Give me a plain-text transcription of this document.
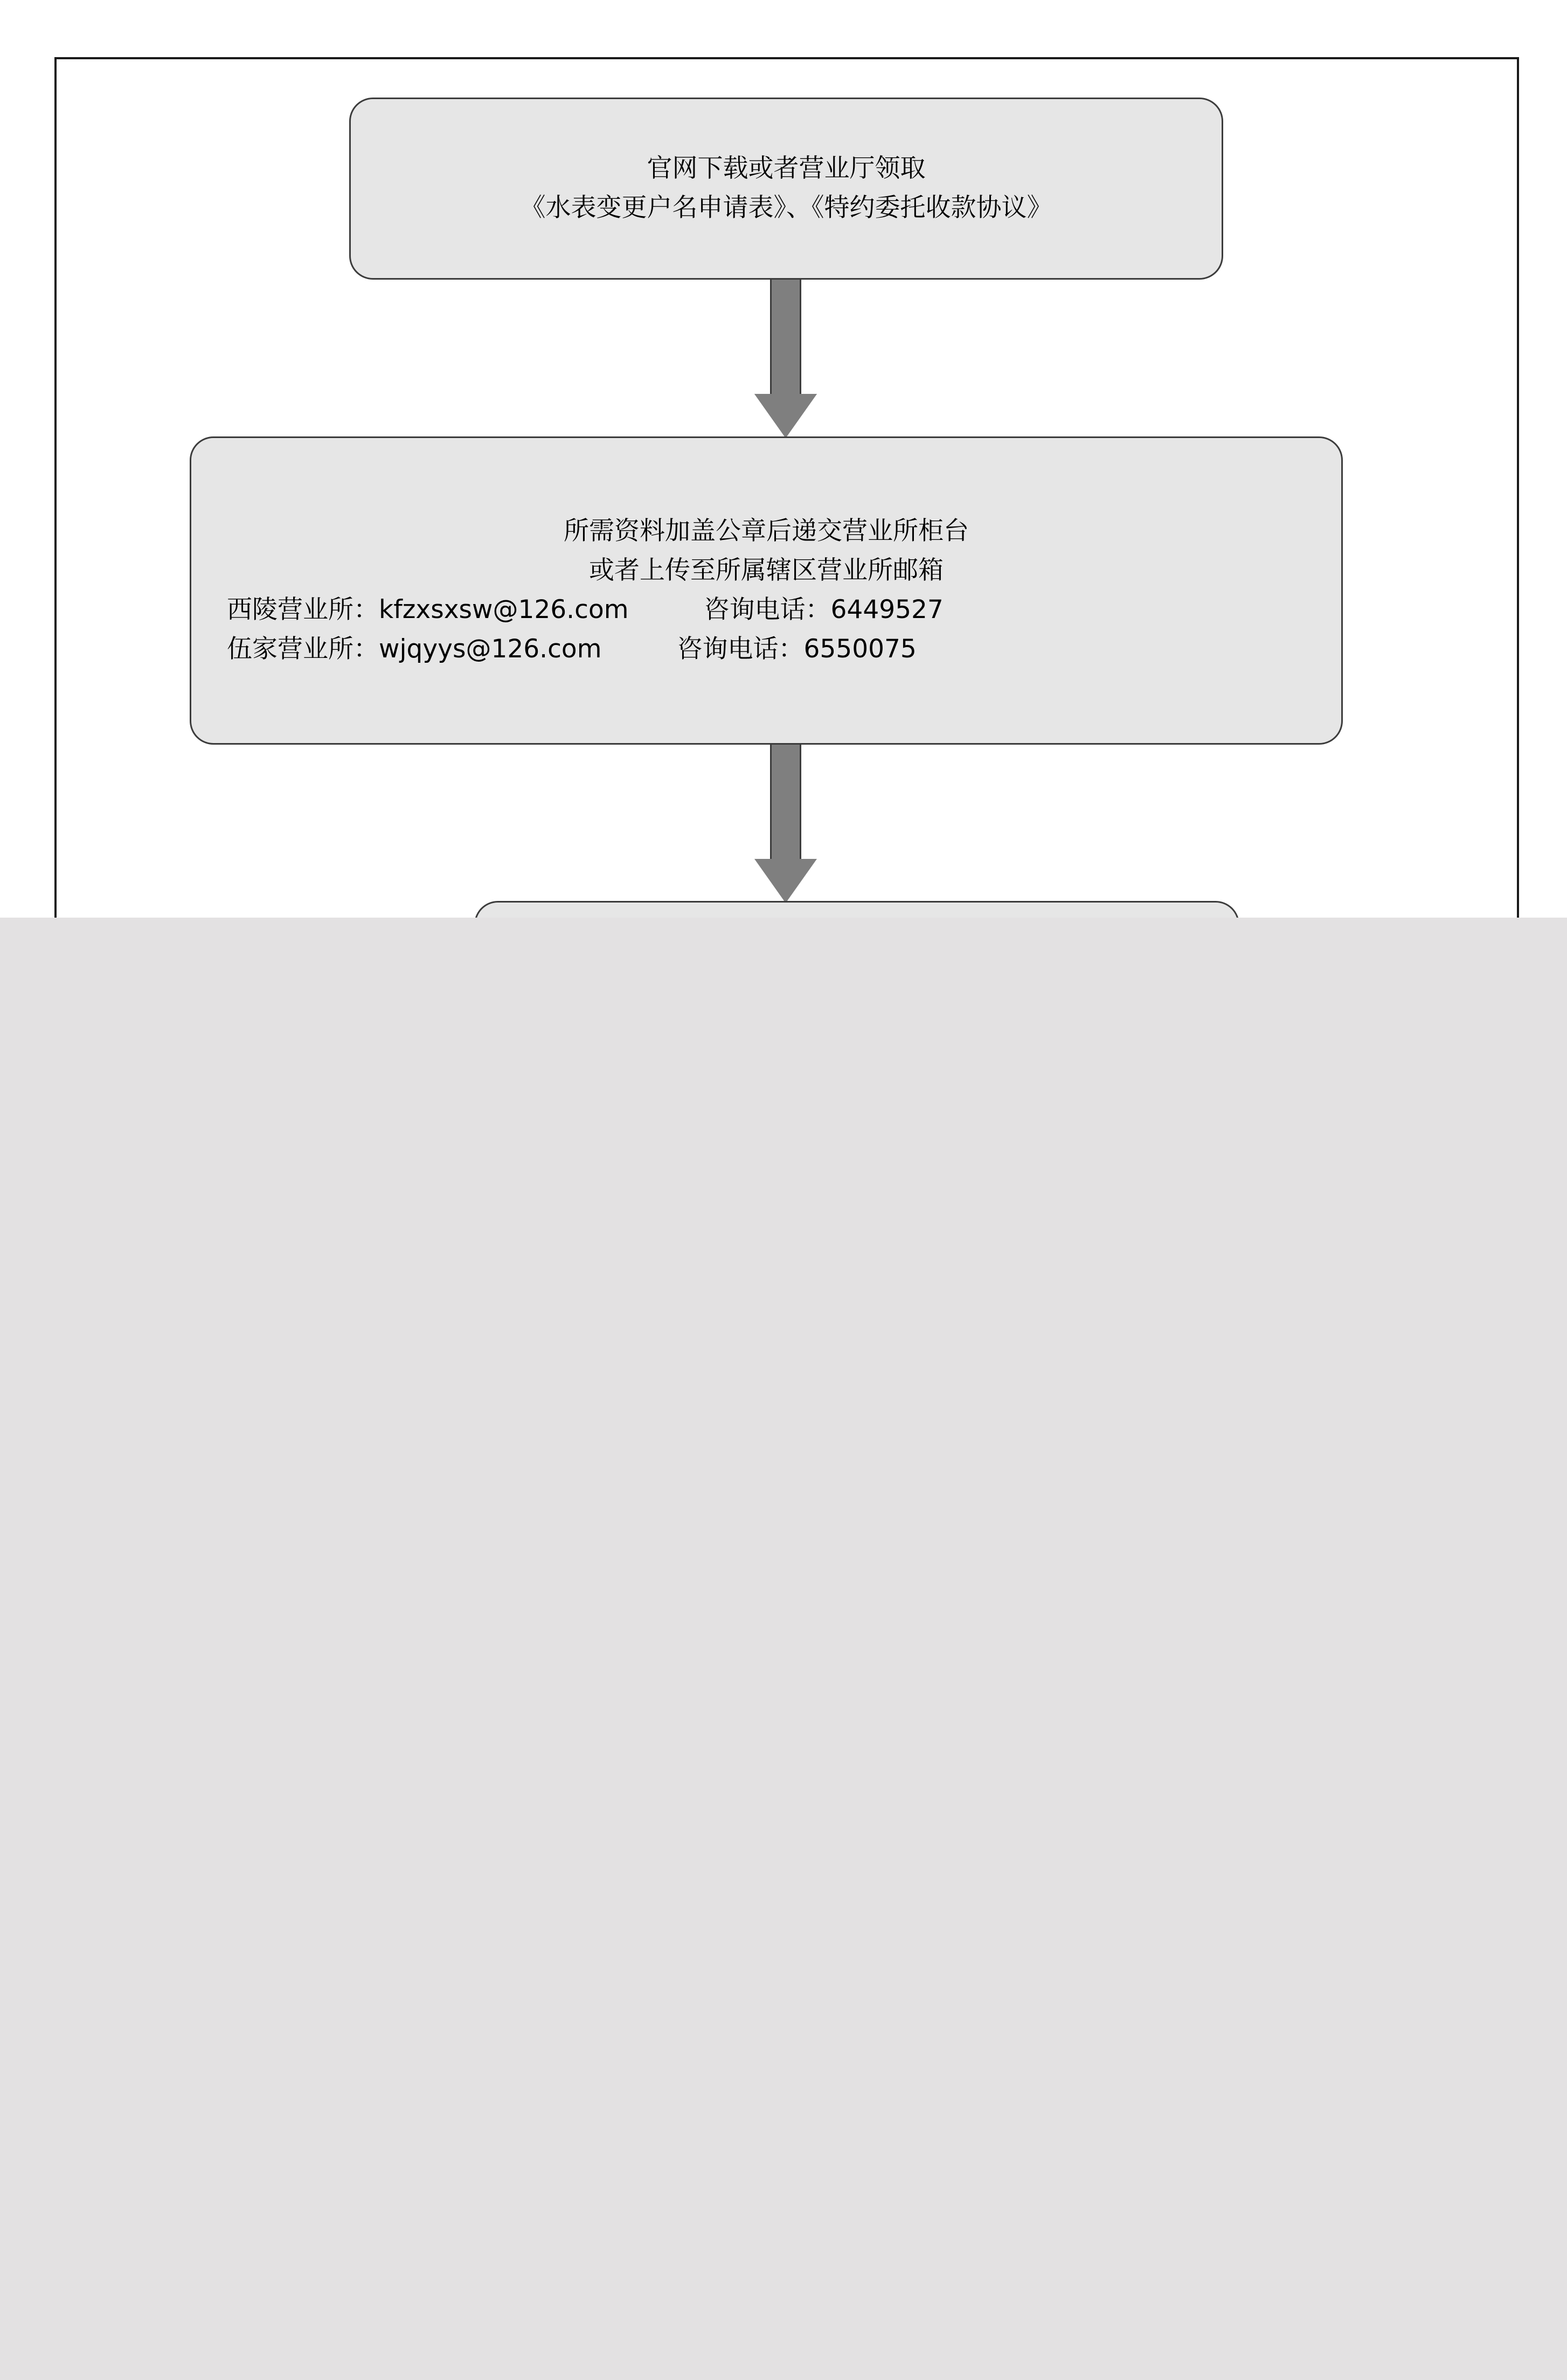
官网下载或者营业厅领取
《水表变更户名申请表》、《特约委托收款协议》
所需资料加盖公章后递交营业所柜台
或者上传至所属辖区营业所邮箱
西陵营业所： kfzxsxsw@126.com	咨询电话： 6449527
伍家营业所： wjqyys@126.com	咨询电话： 6550075
